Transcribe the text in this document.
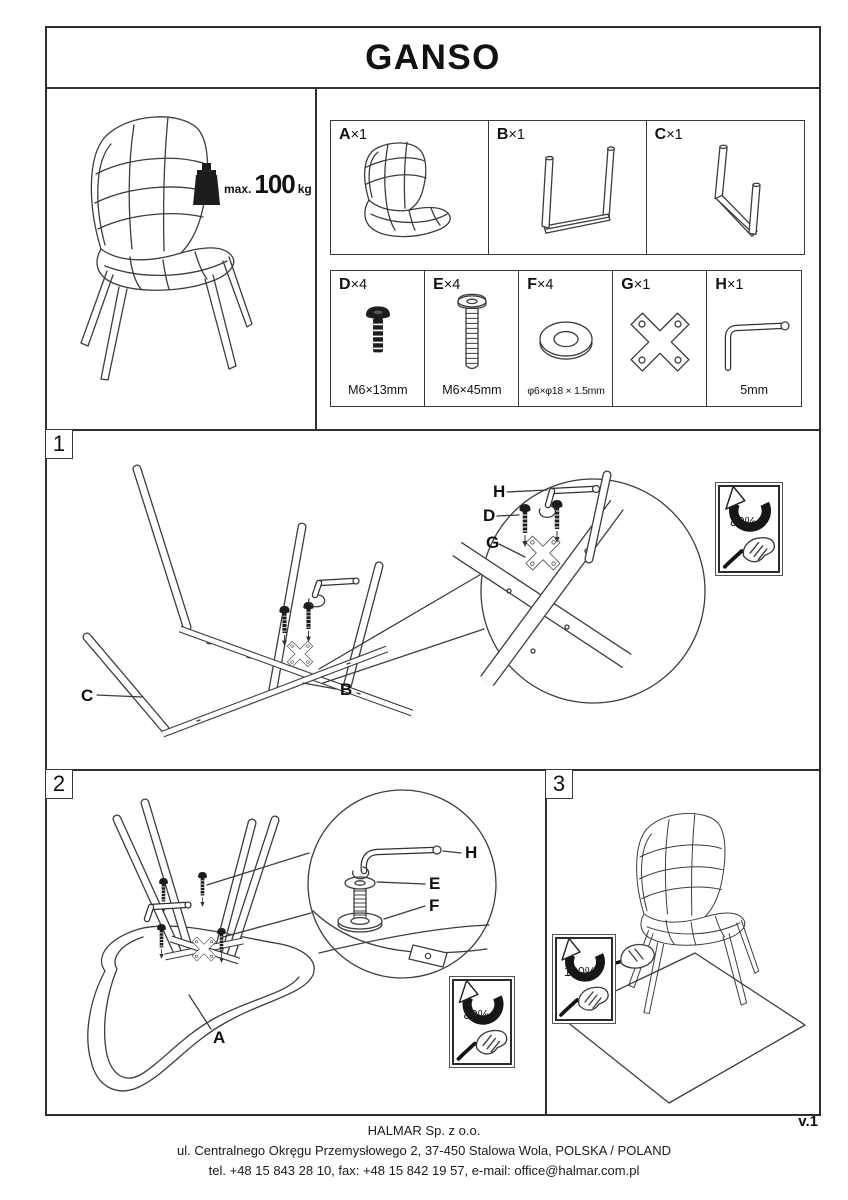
GANSO
max. 100 kg
A ×1	B ×1	C ×1
D ×4
M6×13mm
E ×4
M6×45mm
F ×4
φ6×φ18 × 1.5mm
G ×1	H ×1
5mm
1
C	B
H
D
G
80%
2
A
H
E
F
80%
3
100%
HALMAR Sp. z o.o.
ul. Centralnego Okręgu Przemysłowego 2, 37-450 Stalowa Wola, POLSKA / POLAND
tel. +48 15 843 28 10, fax: +48 15 842 19 57, e-mail: office@halmar.com.pl
v.1
